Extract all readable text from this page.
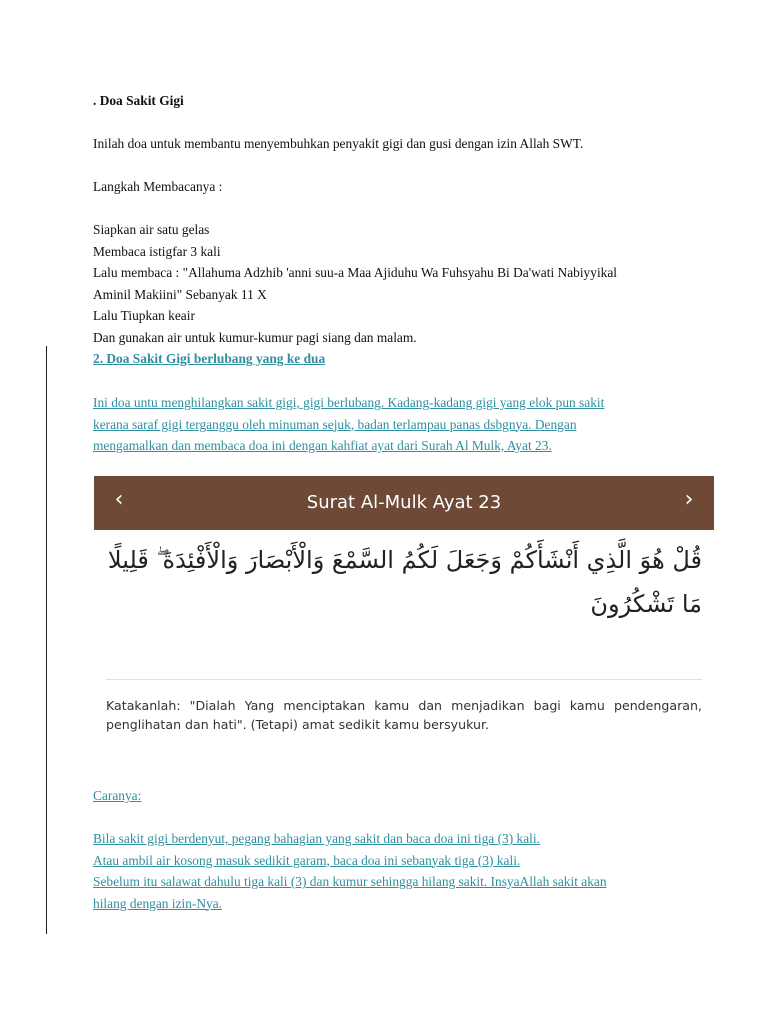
. Doa Sakit Gigi
Inilah doa untuk membantu menyembuhkan penyakit gigi dan gusi dengan izin Allah SWT.
Langkah Membacanya :
Siapkan air satu gelas
Membaca istigfar 3 kali
Lalu membaca : "Allahuma Adzhib 'anni suu-a Maa Ajiduhu Wa Fuhsyahu Bi Da'wati Nabiyyikal
Aminil Makiini" Sebanyak 11 X
Lalu Tiupkan keair
Dan gunakan air untuk kumur-kumur pagi siang dan malam.
2. Doa Sakit Gigi berlubang yang ke dua
Ini doa untu menghilangkan sakit gigi, gigi berlubang. Kadang-kadang gigi yang elok pun sakit
kerana saraf gigi terganggu oleh minuman sejuk, badan terlampau panas dsbgnya. Dengan
mengamalkan dan membaca doa ini dengan kahfiat ayat dari Surah Al Mulk, Ayat 23.
‹	Surat Al-Mulk Ayat 23	›
قُلْ هُوَ الَّذِي أَنْشَأَكُمْ وَجَعَلَ لَكُمُ السَّمْعَ وَالْأَبْصَارَ وَالْأَفْئِدَةَ ۖ قَلِيلًا مَا تَشْكُرُونَ
Katakanlah: "Dialah Yang menciptakan kamu dan menjadikan bagi kamu pendengaran, penglihatan dan hati". (Tetapi) amat sedikit kamu bersyukur.
Caranya:
Bila sakit gigi berdenyut, pegang bahagian yang sakit dan baca doa ini tiga (3) kali.
Atau ambil air kosong masuk sedikit garam, baca doa ini sebanyak tiga (3) kali.
Sebelum itu salawat dahulu tiga kali (3) dan kumur sehingga hilang sakit. InsyaAllah sakit akan
hilang dengan izin-Nya.
